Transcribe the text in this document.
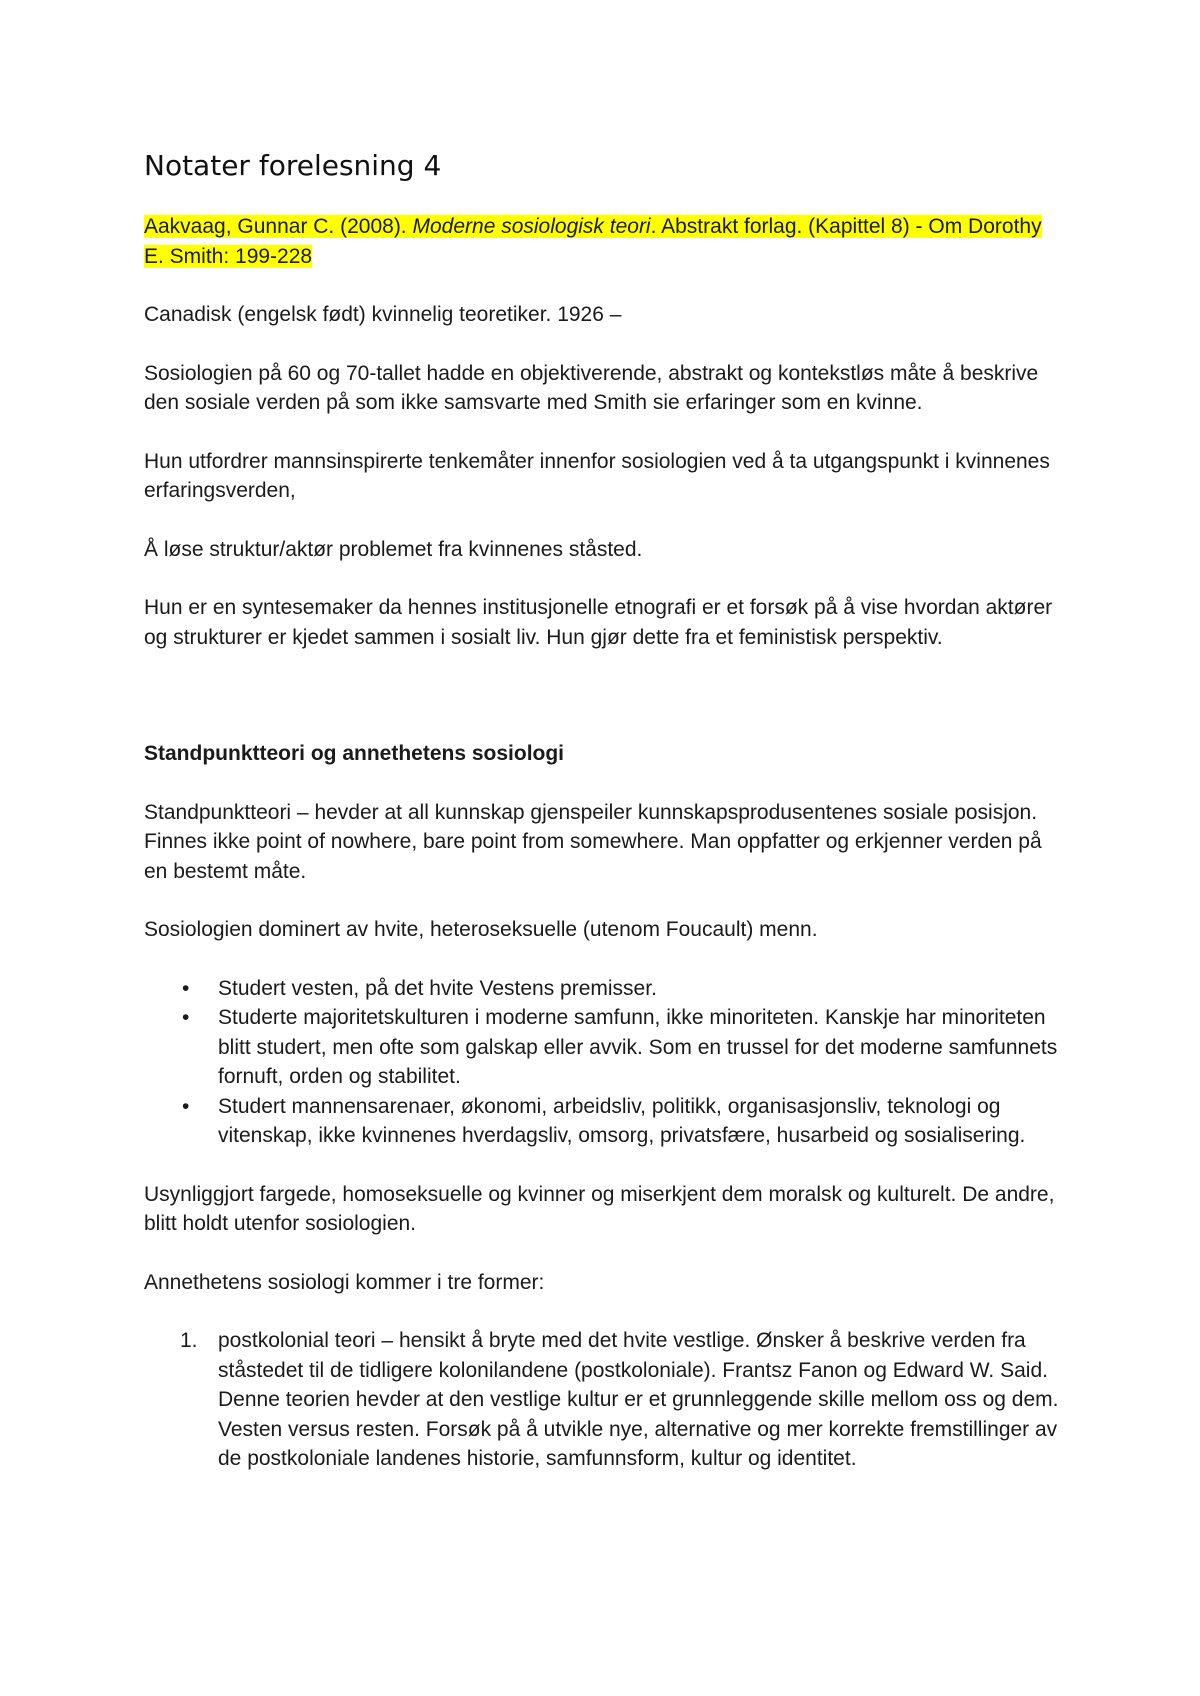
Notater forelesning 4

Aakvaag, Gunnar C. (2008). Moderne sosiologisk teori. Abstrakt forlag. (Kapittel 8) - Om Dorothy E. Smith: 199-228

Canadisk (engelsk født) kvinnelig teoretiker. 1926 –

Sosiologien på 60 og 70-tallet hadde en objektiverende, abstrakt og kontekstløs måte å beskrive den sosiale verden på som ikke samsvarte med Smith sie erfaringer som en kvinne.

Hun utfordrer mannsinspirerte tenkemåter innenfor sosiologien ved å ta utgangspunkt i kvinnenes erfaringsverden,

Å løse struktur/aktør problemet fra kvinnenes ståsted.

Hun er en syntesemaker da hennes institusjonelle etnografi er et forsøk på å vise hvordan aktører og strukturer er kjedet sammen i sosialt liv. Hun gjør dette fra et feministisk perspektiv.

Standpunktteori og annethetens sosiologi

Standpunktteori – hevder at all kunnskap gjenspeiler kunnskapsprodusentenes sosiale posisjon. Finnes ikke point of nowhere, bare point from somewhere. Man oppfatter og erkjenner verden på en bestemt måte.

Sosiologien dominert av hvite, heteroseksuelle (utenom Foucault) menn.

• Studert vesten, på det hvite Vestens premisser.
• Studerte majoritetskulturen i moderne samfunn, ikke minoriteten. Kanskje har minoriteten blitt studert, men ofte som galskap eller avvik. Som en trussel for det moderne samfunnets fornuft, orden og stabilitet.
• Studert mannensarenaer, økonomi, arbeidsliv, politikk, organisasjonsliv, teknologi og vitenskap, ikke kvinnenes hverdagsliv, omsorg, privatsfære, husarbeid og sosialisering.

Usynliggjort fargede, homoseksuelle og kvinner og miserkjent dem moralsk og kulturelt. De andre, blitt holdt utenfor sosiologien.

Annethetens sosiologi kommer i tre former:

1. postkolonial teori – hensikt å bryte med det hvite vestlige. Ønsker å beskrive verden fra ståstedet til de tidligere kolonilandene (postkoloniale). Frantsz Fanon og Edward W. Said. Denne teorien hevder at den vestlige kultur er et grunnleggende skille mellom oss og dem. Vesten versus resten. Forsøk på å utvikle nye, alternative og mer korrekte fremstillinger av de postkoloniale landenes historie, samfunnsform, kultur og identitet.
